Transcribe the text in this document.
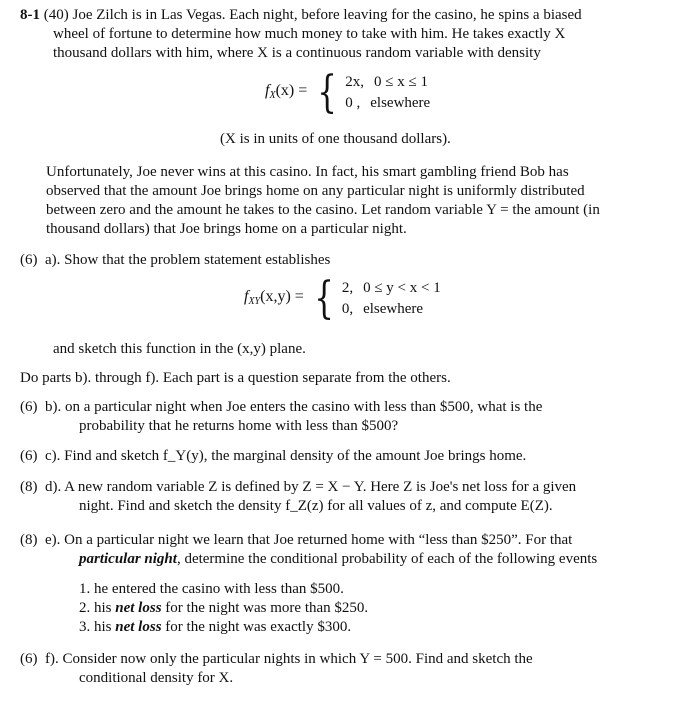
8-1 (40) Joe Zilch is in Las Vegas. Each night, before leaving for the casino, he spins a biased
wheel of fortune to determine how much money to take with him. He takes exactly X
thousand dollars with him, where X is a continuous random variable with density
$f_X(x)$ = { 2x, 0 ≤ x ≤ 1
0 , elsewhere
(X is in units of one thousand dollars).
Unfortunately, Joe never wins at this casino. In fact, his smart gambling friend Bob has
observed that the amount Joe brings home on any particular night is uniformly distributed
between zero and the amount he takes to the casino. Let random variable Y = the amount (in
thousand dollars) that Joe brings home on a particular night.
(6) a). Show that the problem statement establishes
$f_{XY}(x,y)$ = { 2, 0 ≤ y < x < 1
0, elsewhere
and sketch this function in the (x,y) plane.
Do parts b). through f). Each part is a question separate from the others.
(6) b). on a particular night when Joe enters the casino with less than $500, what is the
probability that he returns home with less than $500?
(6) c). Find and sketch f_Y(y), the marginal density of the amount Joe brings home.
(8) d). A new random variable Z is defined by Z = X − Y. Here Z is Joe's net loss for a given
night. Find and sketch the density f_Z(z) for all values of z, and compute E(Z).
(8) e). On a particular night we learn that Joe returned home with “less than $250”. For that
particular night, determine the conditional probability of each of the following events
1. he entered the casino with less than $500.
2. his net loss for the night was more than $250.
3. his net loss for the night was exactly $300.
(6) f). Consider now only the particular nights in which Y = 500. Find and sketch the
conditional density for X.
